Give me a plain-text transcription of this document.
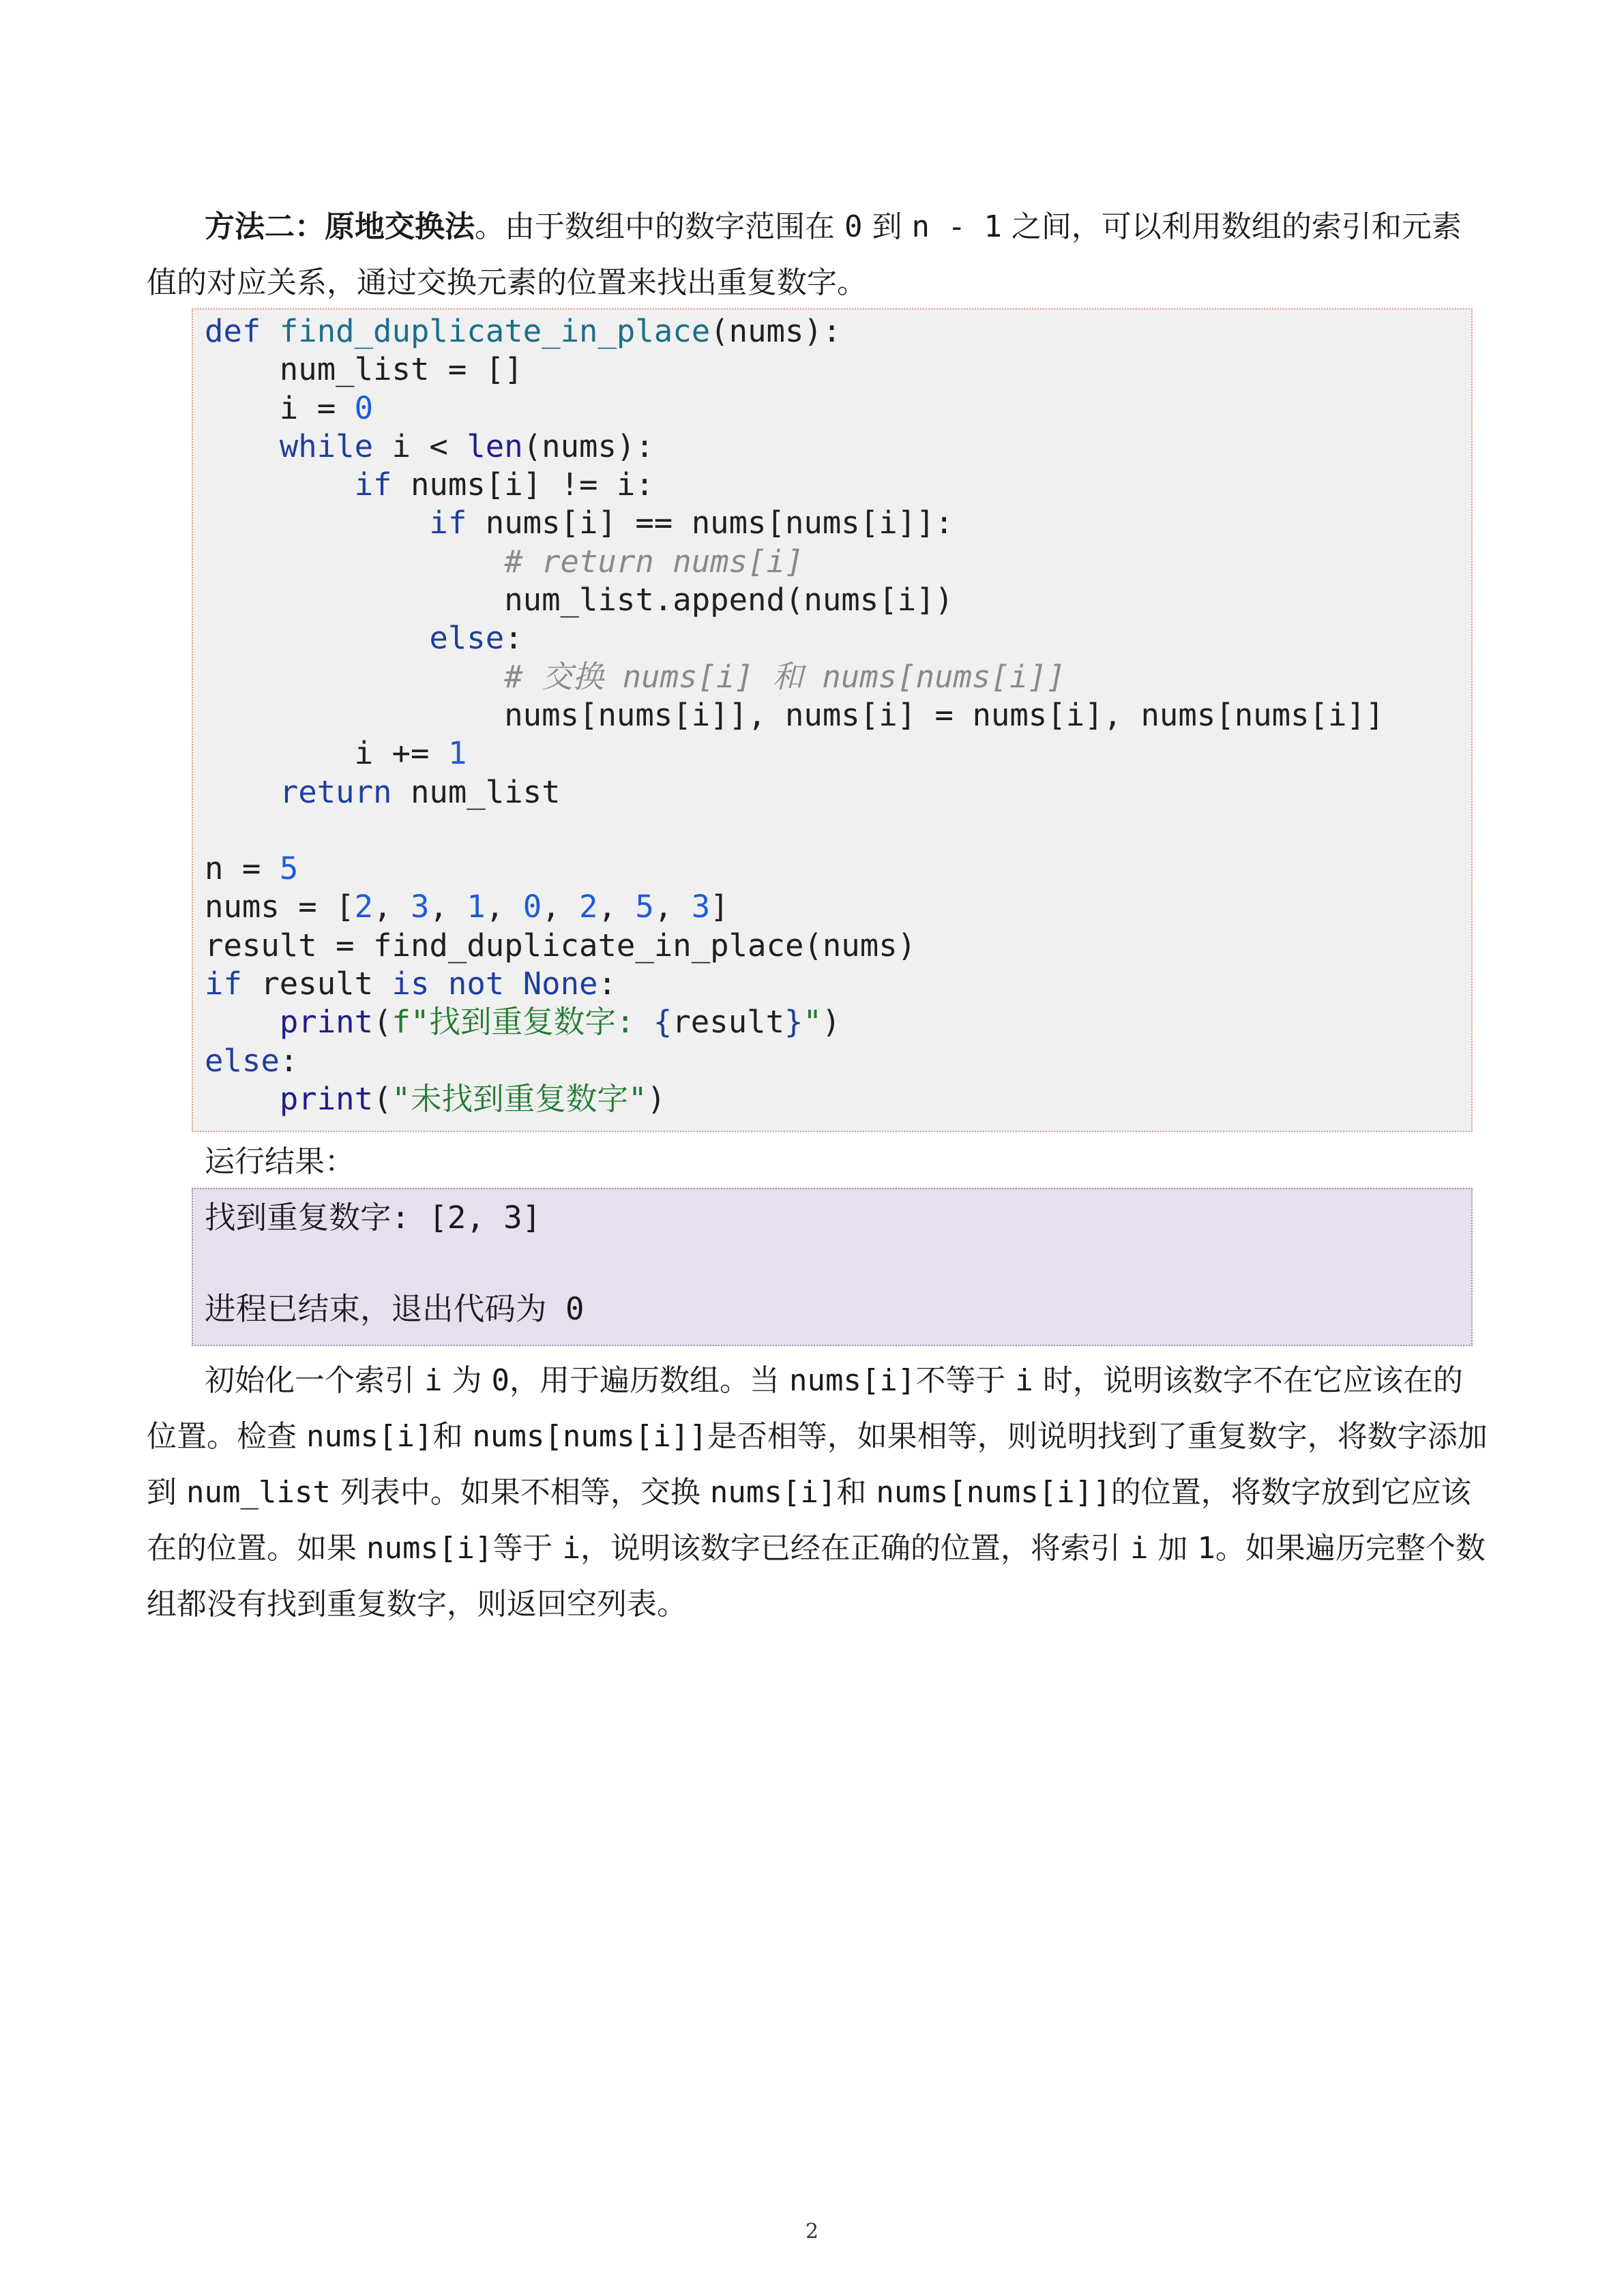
方法二：原地交换法。由于数组中的数字范围在 0 到 n - 1 之间，可以利用数组的索引和元素值的对应关系，通过交换元素的位置来找出重复数字。

def find_duplicate_in_place(nums):
num_list = []
i = 0
while i < len(nums):
if nums[i] != i:
if nums[i] == nums[nums[i]]:
# return nums[i]
num_list.append(nums[i])
else:
# 交换 nums[i] 和 nums[nums[i]]
nums[nums[i]], nums[i] = nums[i], nums[nums[i]]
i += 1
return num_list

n = 5
nums = [2, 3, 1, 0, 2, 5, 3]
result = find_duplicate_in_place(nums)
if result is not None:
print(f"找到重复数字: {result}")
else:
print("未找到重复数字")

运行结果：

找到重复数字: [2, 3]

进程已结束，退出代码为 0

初始化一个索引 i 为 0，用于遍历数组。当 nums[i]不等于 i 时，说明该数字不在它应该在的位置。检查 nums[i]和 nums[nums[i]]是否相等，如果相等，则说明找到了重复数字，将数字添加到 num_list 列表中。如果不相等，交换 nums[i]和 nums[nums[i]]的位置，将数字放到它应该在的位置。如果 nums[i]等于 i，说明该数字已经在正确的位置，将索引 i 加 1。如果遍历完整个数组都没有找到重复数字，则返回空列表。

2
